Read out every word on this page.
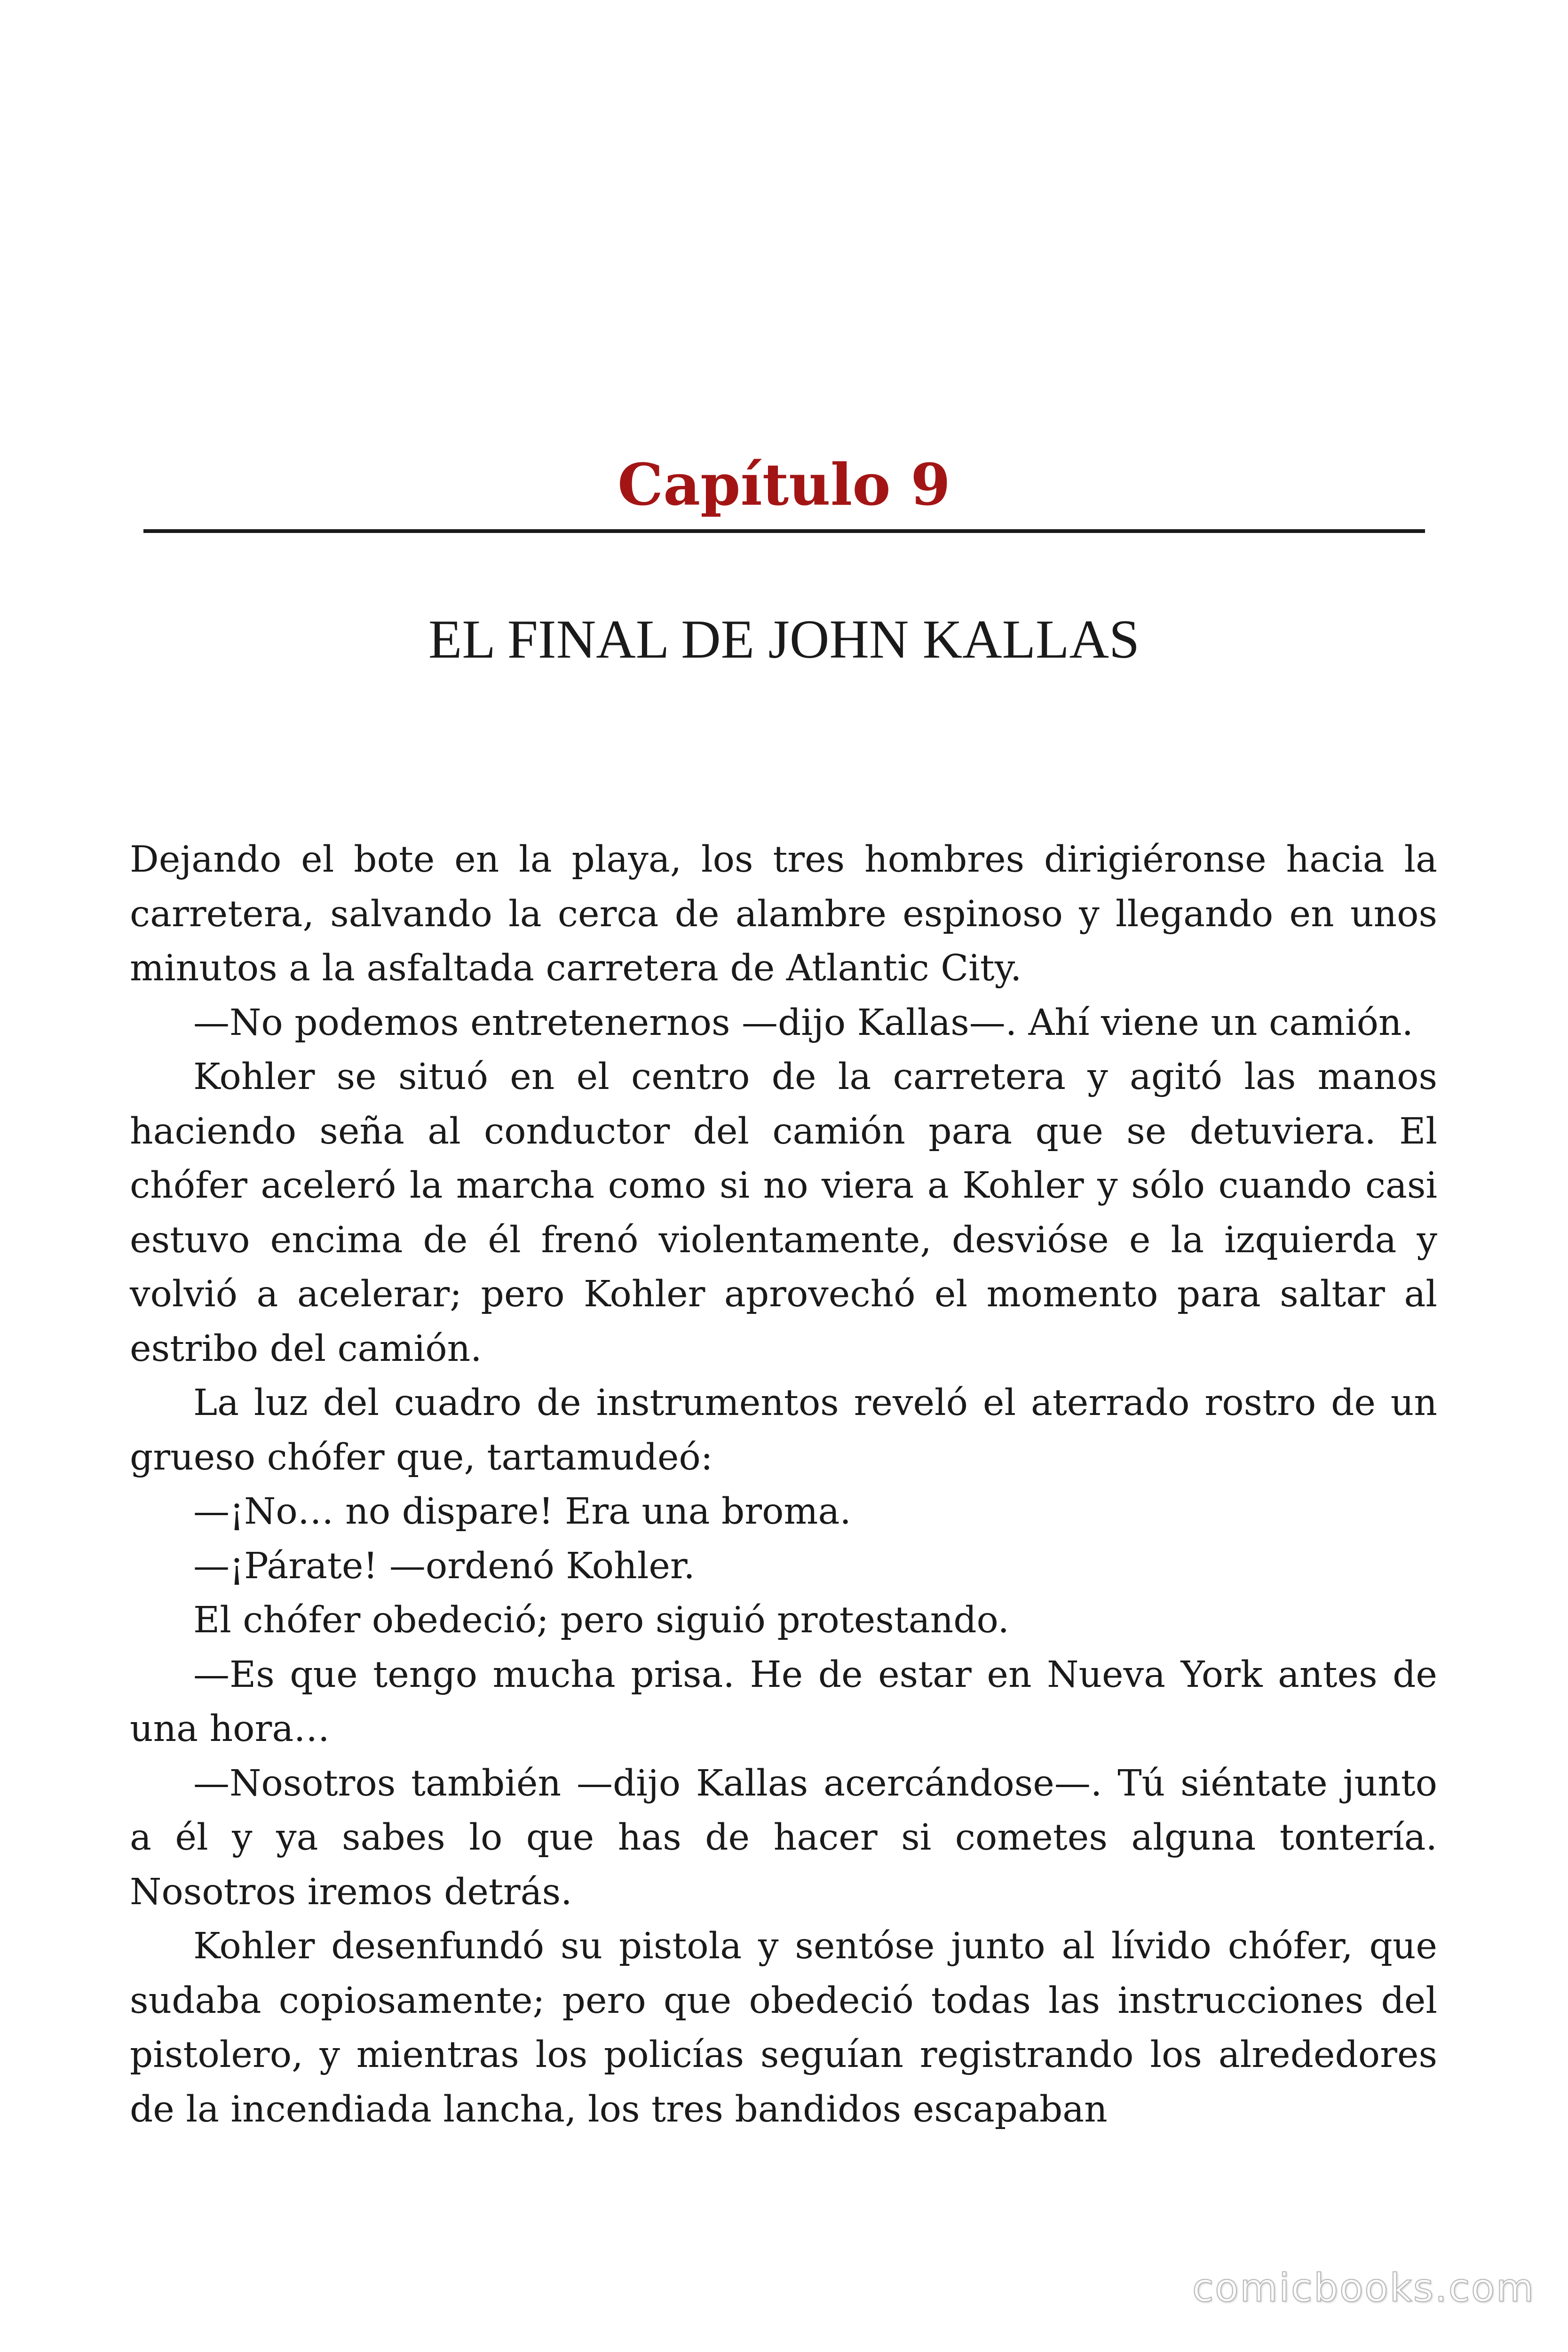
Capítulo 9
EL FINAL DE JOHN KALLAS

Dejando el bote en la playa, los tres hombres dirigiéronse hacia la carretera, salvando la cerca de alambre espinoso y llegando en unos minutos a la asfaltada carretera de Atlantic City.

—No podemos entretenernos —dijo Kallas—. Ahí viene un camión.

Kohler se situó en el centro de la carretera y agitó las manos haciendo seña al conductor del camión para que se detuviera. El chófer aceleró la marcha como si no viera a Kohler y sólo cuando casi estuvo encima de él frenó violentamente, desvióse e la izquierda y volvió a acelerar; pero Kohler aprovechó el momento para saltar al estribo del camión.

La luz del cuadro de instrumentos reveló el aterrado rostro de un grueso chófer que, tartamudeó:

—¡No… no dispare! Era una broma.

—¡Párate! —ordenó Kohler.

El chófer obedeció; pero siguió protestando.

—Es que tengo mucha prisa. He de estar en Nueva York antes de una hora…

—Nosotros también —dijo Kallas acercándose—. Tú siéntate junto a él y ya sabes lo que has de hacer si cometes alguna tontería. Nosotros iremos detrás.

Kohler desenfundó su pistola y sentóse junto al lívido chófer, que sudaba copiosamente; pero que obedeció todas las instrucciones del pistolero, y mientras los policías seguían registrando los alrededores de la incendiada lancha, los tres bandidos escapaban

comicbooks.com
